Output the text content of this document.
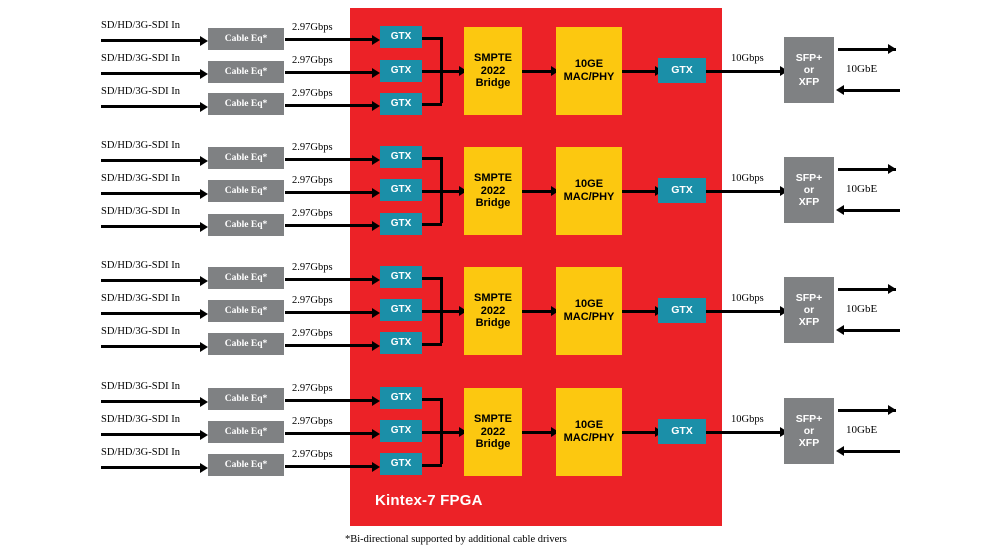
Kintex-7 FPGA
SD/HD/3G-SDI In
Cable Eq*
2.97Gbps
GTX
SD/HD/3G-SDI In
Cable Eq*
2.97Gbps
GTX
SD/HD/3G-SDI In
Cable Eq*
2.97Gbps
GTX
SMPTE
2022
Bridge
10GE
MAC/PHY
GTX
10Gbps	SFP+
or
XFP
10GbE
SD/HD/3G-SDI In
Cable Eq*
2.97Gbps
GTX
SD/HD/3G-SDI In
Cable Eq*
2.97Gbps
GTX
SD/HD/3G-SDI In
Cable Eq*
2.97Gbps
GTX
SMPTE
2022
Bridge
10GE
MAC/PHY
GTX
10Gbps	SFP+
or
XFP
10GbE
SD/HD/3G-SDI In
Cable Eq*
2.97Gbps
GTX
SD/HD/3G-SDI In
Cable Eq*
2.97Gbps
GTX
SD/HD/3G-SDI In
Cable Eq*
2.97Gbps
GTX
SMPTE
2022
Bridge
10GE
MAC/PHY
GTX
10Gbps	SFP+
or
XFP
10GbE
SD/HD/3G-SDI In
Cable Eq*
2.97Gbps
GTX
SD/HD/3G-SDI In
Cable Eq*
2.97Gbps
GTX
SD/HD/3G-SDI In
Cable Eq*
2.97Gbps
GTX
SMPTE
2022
Bridge
10GE
MAC/PHY
GTX
10Gbps	SFP+
or
XFP
10GbE
*Bi-directional supported by additional cable drivers
